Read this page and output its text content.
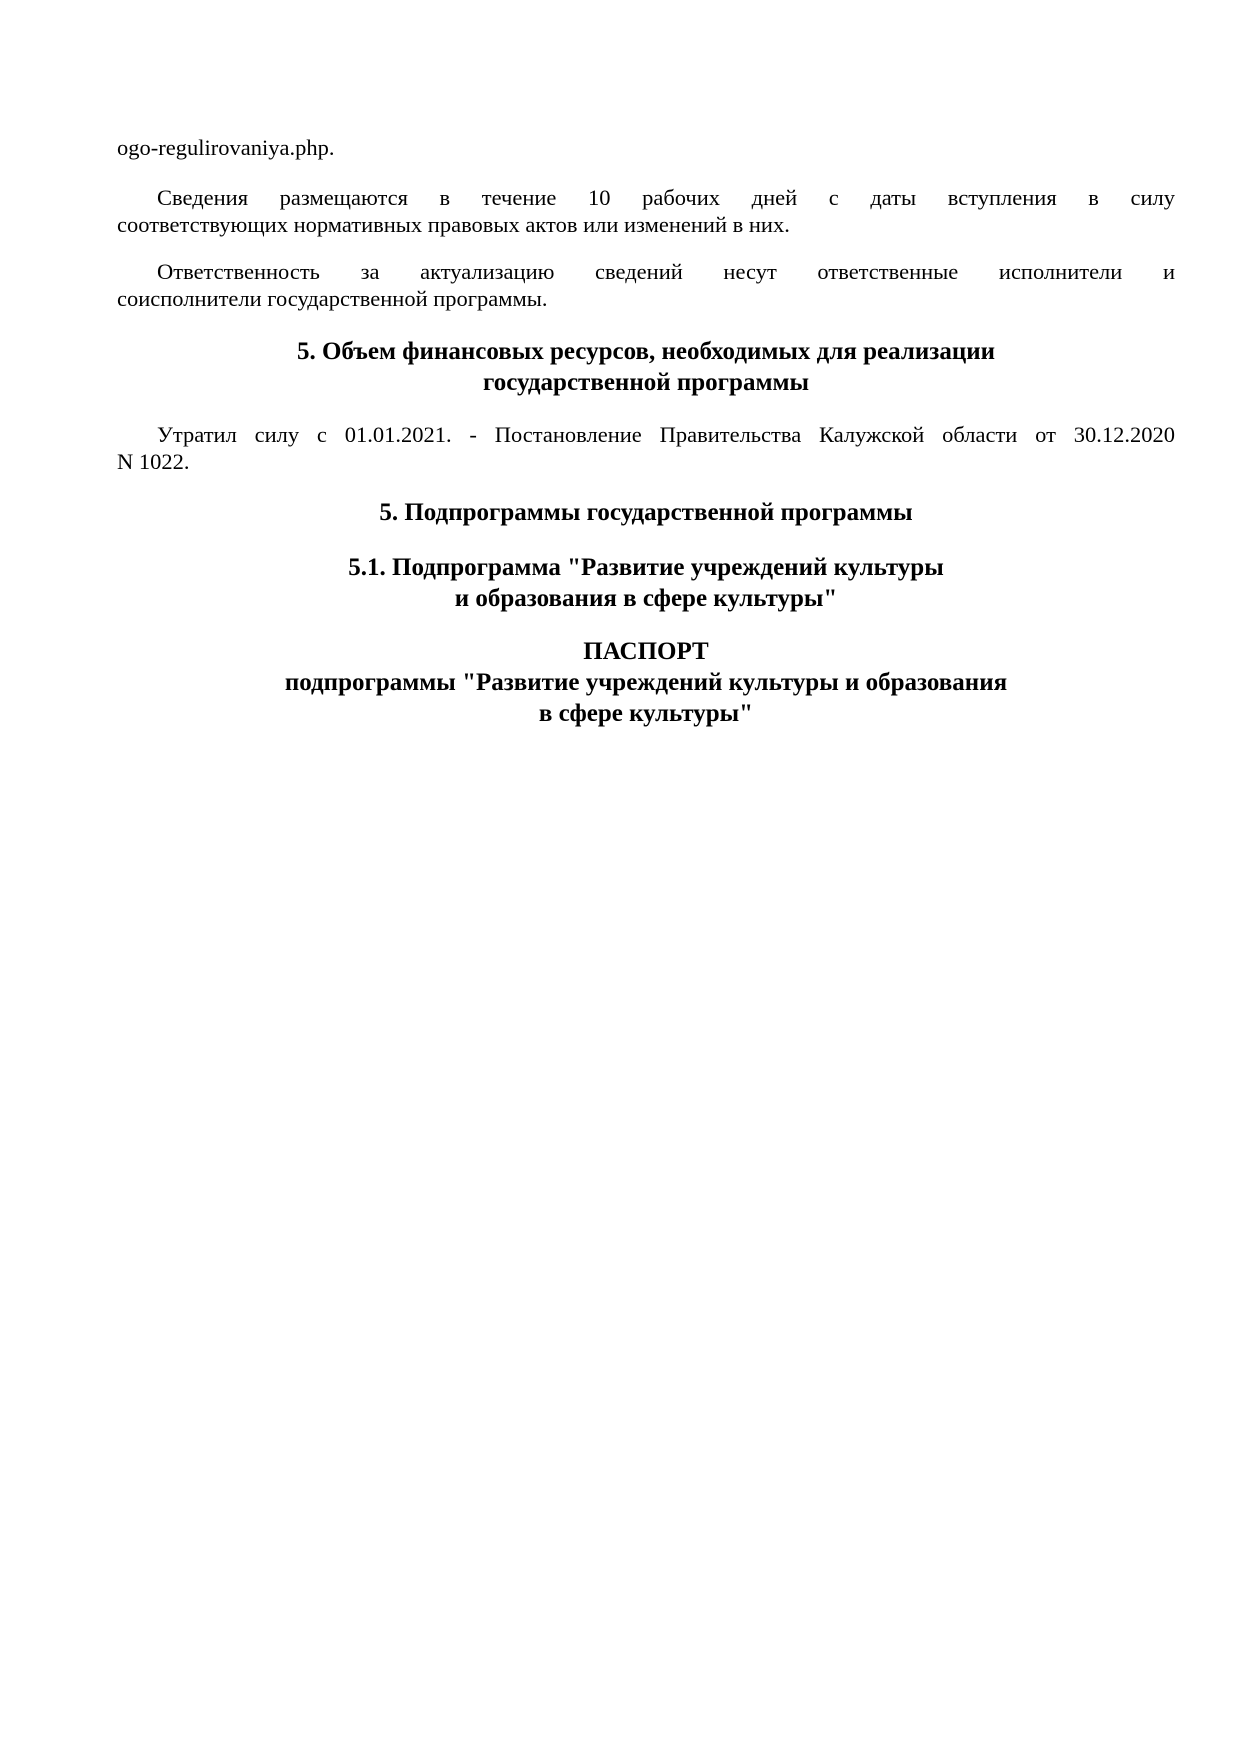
ogo-regulirovaniya.php.
Сведения размещаются в течение 10 рабочих дней с даты вступления в силу
соответствующих нормативных правовых актов или изменений в них.
Ответственность за актуализацию сведений несут ответственные исполнители и
соисполнители государственной программы.
5. Объем финансовых ресурсов, необходимых для реализации
государственной программы
Утратил силу с 01.01.2021. - Постановление Правительства Калужской области от 30.12.2020
N 1022.
5. Подпрограммы государственной программы
5.1. Подпрограмма "Развитие учреждений культуры
и образования в сфере культуры"
ПАСПОРТ
подпрограммы "Развитие учреждений культуры и образования
в сфере культуры"
